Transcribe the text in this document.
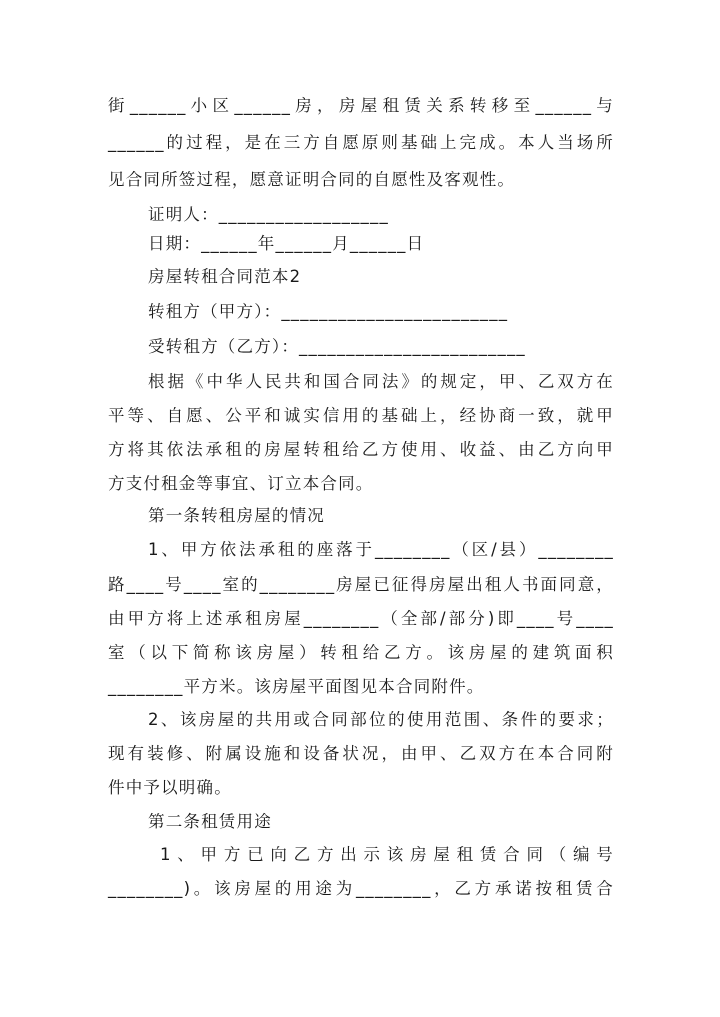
街______小区______房，房屋租赁关系转移至______与
______的过程，是在三方自愿原则基础上完成。本人当场所
见合同所签过程，愿意证明合同的自愿性及客观性。
证明人：__________________
日期：______年______月______日
房屋转租合同范本2
转租方（甲方）：________________________
受转租方（乙方）：________________________
根据《中华人民共和国合同法》的规定，甲、乙双方在
平等、自愿、公平和诚实信用的基础上，经协商一致，就甲
方将其依法承租的房屋转租给乙方使用、收益、由乙方向甲
方支付租金等事宜、订立本合同。
第一条转租房屋的情况
1、甲方依法承租的座落于________（区/县）________
路____号____室的________房屋已征得房屋出租人书面同意，
由甲方将上述承租房屋________（全部/部分)即____号____
室（以下简称该房屋）转租给乙方。该房屋的建筑面积
________平方米。该房屋平面图见本合同附件。
2、该房屋的共用或合同部位的使用范围、条件的要求；
现有装修、附属设施和设备状况，由甲、乙双方在本合同附
件中予以明确。
第二条租赁用途
1、甲方已向乙方出示该房屋租赁合同（编号
________)。该房屋的用途为________，乙方承诺按租赁合
